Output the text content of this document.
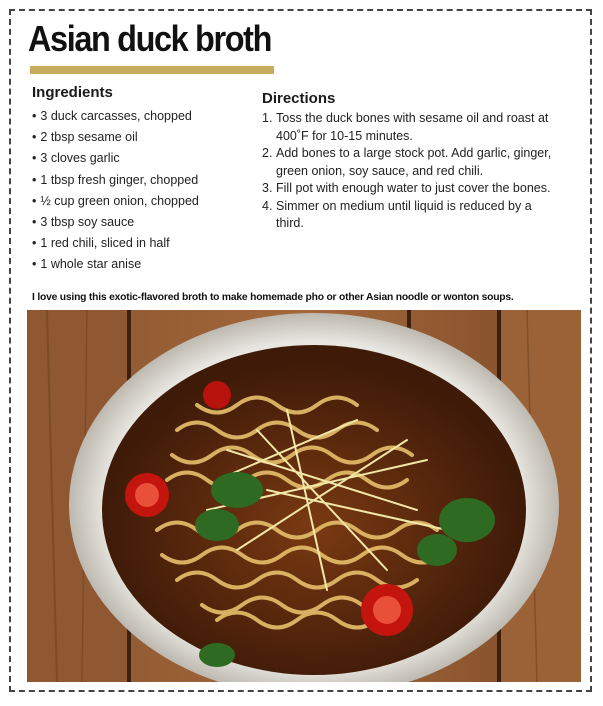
Asian duck broth
Ingredients
• 3 duck carcasses, chopped
• 2 tbsp sesame oil
• 3 cloves garlic
• 1 tbsp fresh ginger, chopped
• ½ cup green onion, chopped
• 3 tbsp soy sauce
• 1 red chili, sliced in half
• 1 whole star anise
Directions
1. Toss the duck bones with sesame oil and roast at 400˚F for 10-15 minutes.
2. Add bones to a large stock pot. Add garlic, ginger, green onion, soy sauce, and red chili.
3. Fill pot with enough water to just cover the bones.
4. Simmer on medium until liquid is reduced by a third.

I love using this exotic-flavored broth to make homemade pho or other Asian noodle or wonton soups.
